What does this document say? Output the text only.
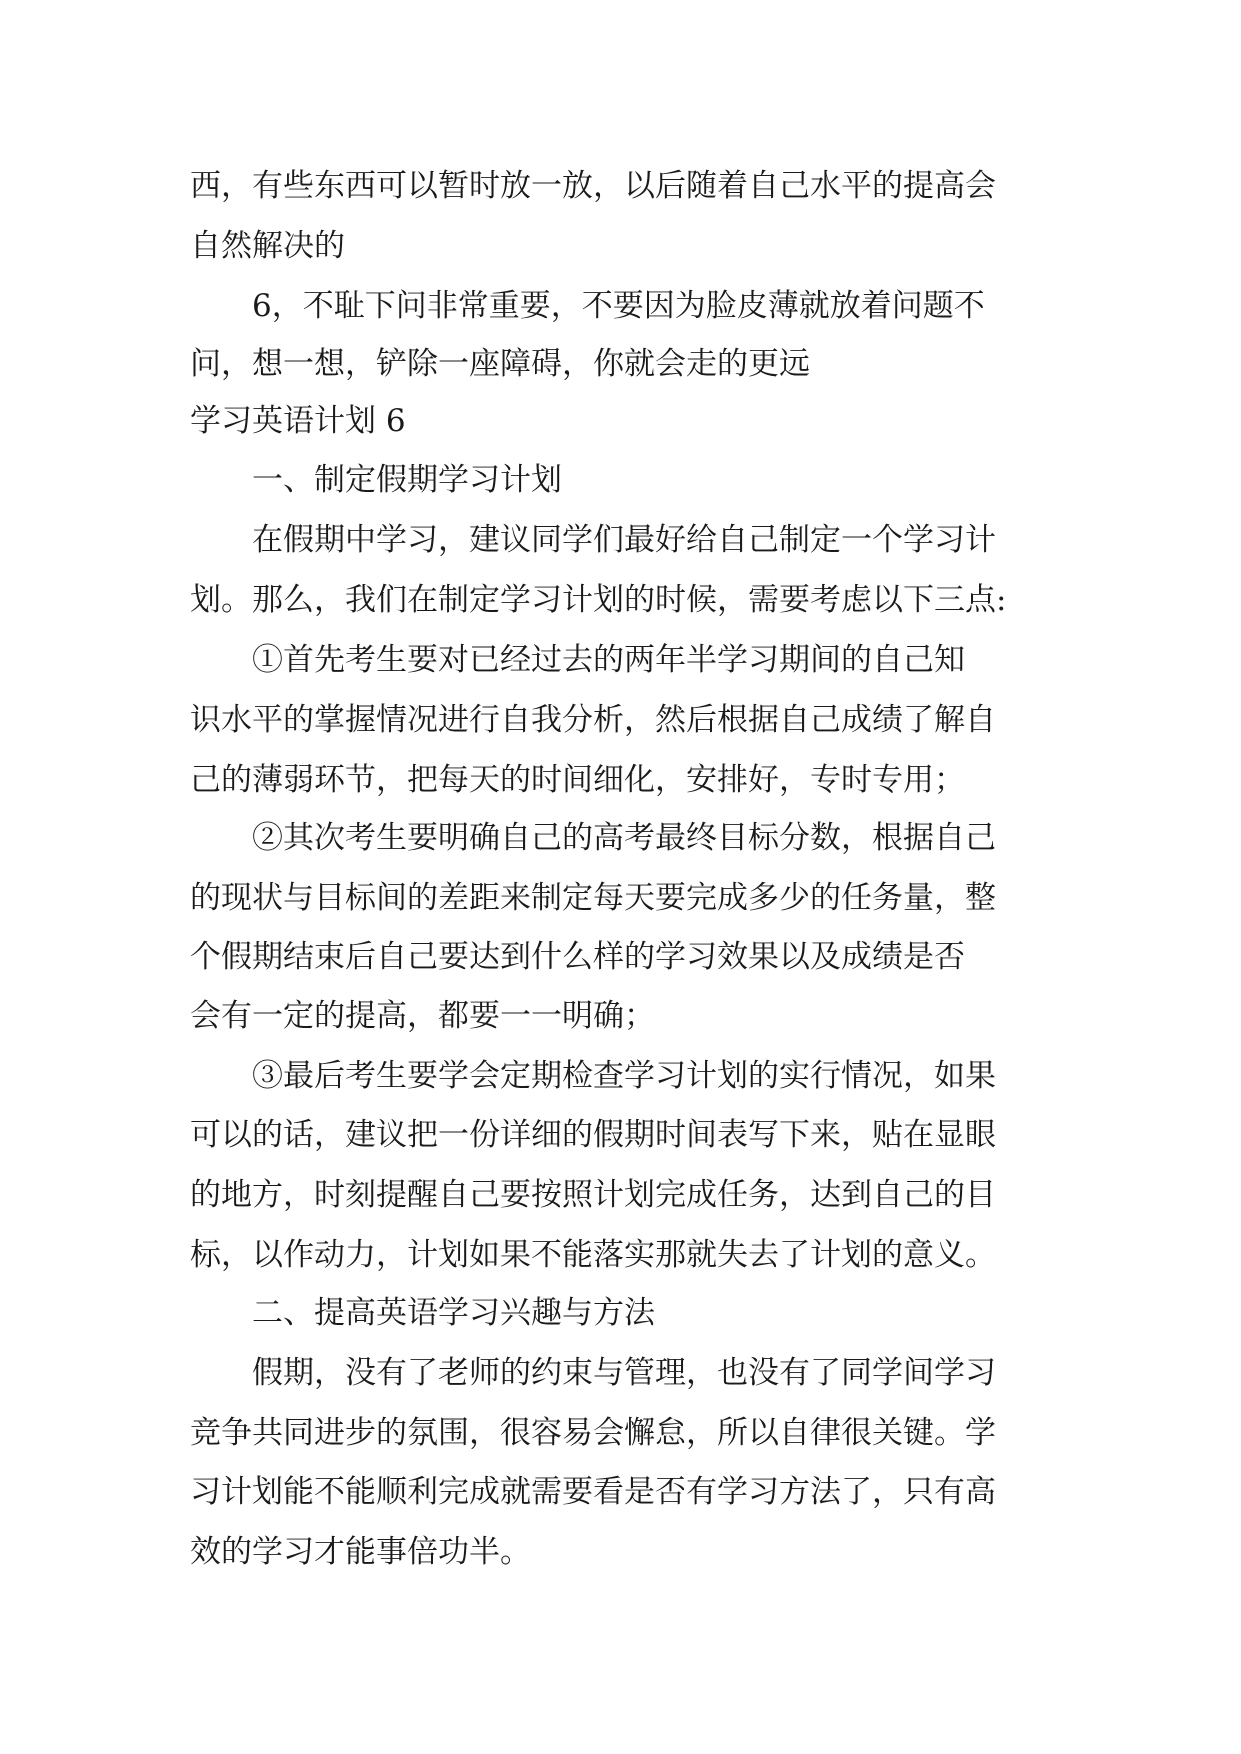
西，有些东西可以暂时放一放，以后随着自己水平的提高会

自然解决的

6，不耻下问非常重要，不要因为脸皮薄就放着问题不

问，想一想，铲除一座障碍，你就会走的更远

学习英语计划 6

一、制定假期学习计划

在假期中学习，建议同学们最好给自己制定一个学习计

划。那么，我们在制定学习计划的时候，需要考虑以下三点:

①首先考生要对已经过去的两年半学习期间的自己知

识水平的掌握情况进行自我分析，然后根据自己成绩了解自

己的薄弱环节，把每天的时间细化，安排好，专时专用；

②其次考生要明确自己的高考最终目标分数，根据自己

的现状与目标间的差距来制定每天要完成多少的任务量，整

个假期结束后自己要达到什么样的学习效果以及成绩是否

会有一定的提高，都要一一明确；

③最后考生要学会定期检查学习计划的实行情况，如果

可以的话，建议把一份详细的假期时间表写下来，贴在显眼

的地方，时刻提醒自己要按照计划完成任务，达到自己的目

标，以作动力，计划如果不能落实那就失去了计划的意义。

二、提高英语学习兴趣与方法

假期，没有了老师的约束与管理，也没有了同学间学习

竞争共同进步的氛围，很容易会懈怠，所以自律很关键。学

习计划能不能顺利完成就需要看是否有学习方法了，只有高

效的学习才能事倍功半。
